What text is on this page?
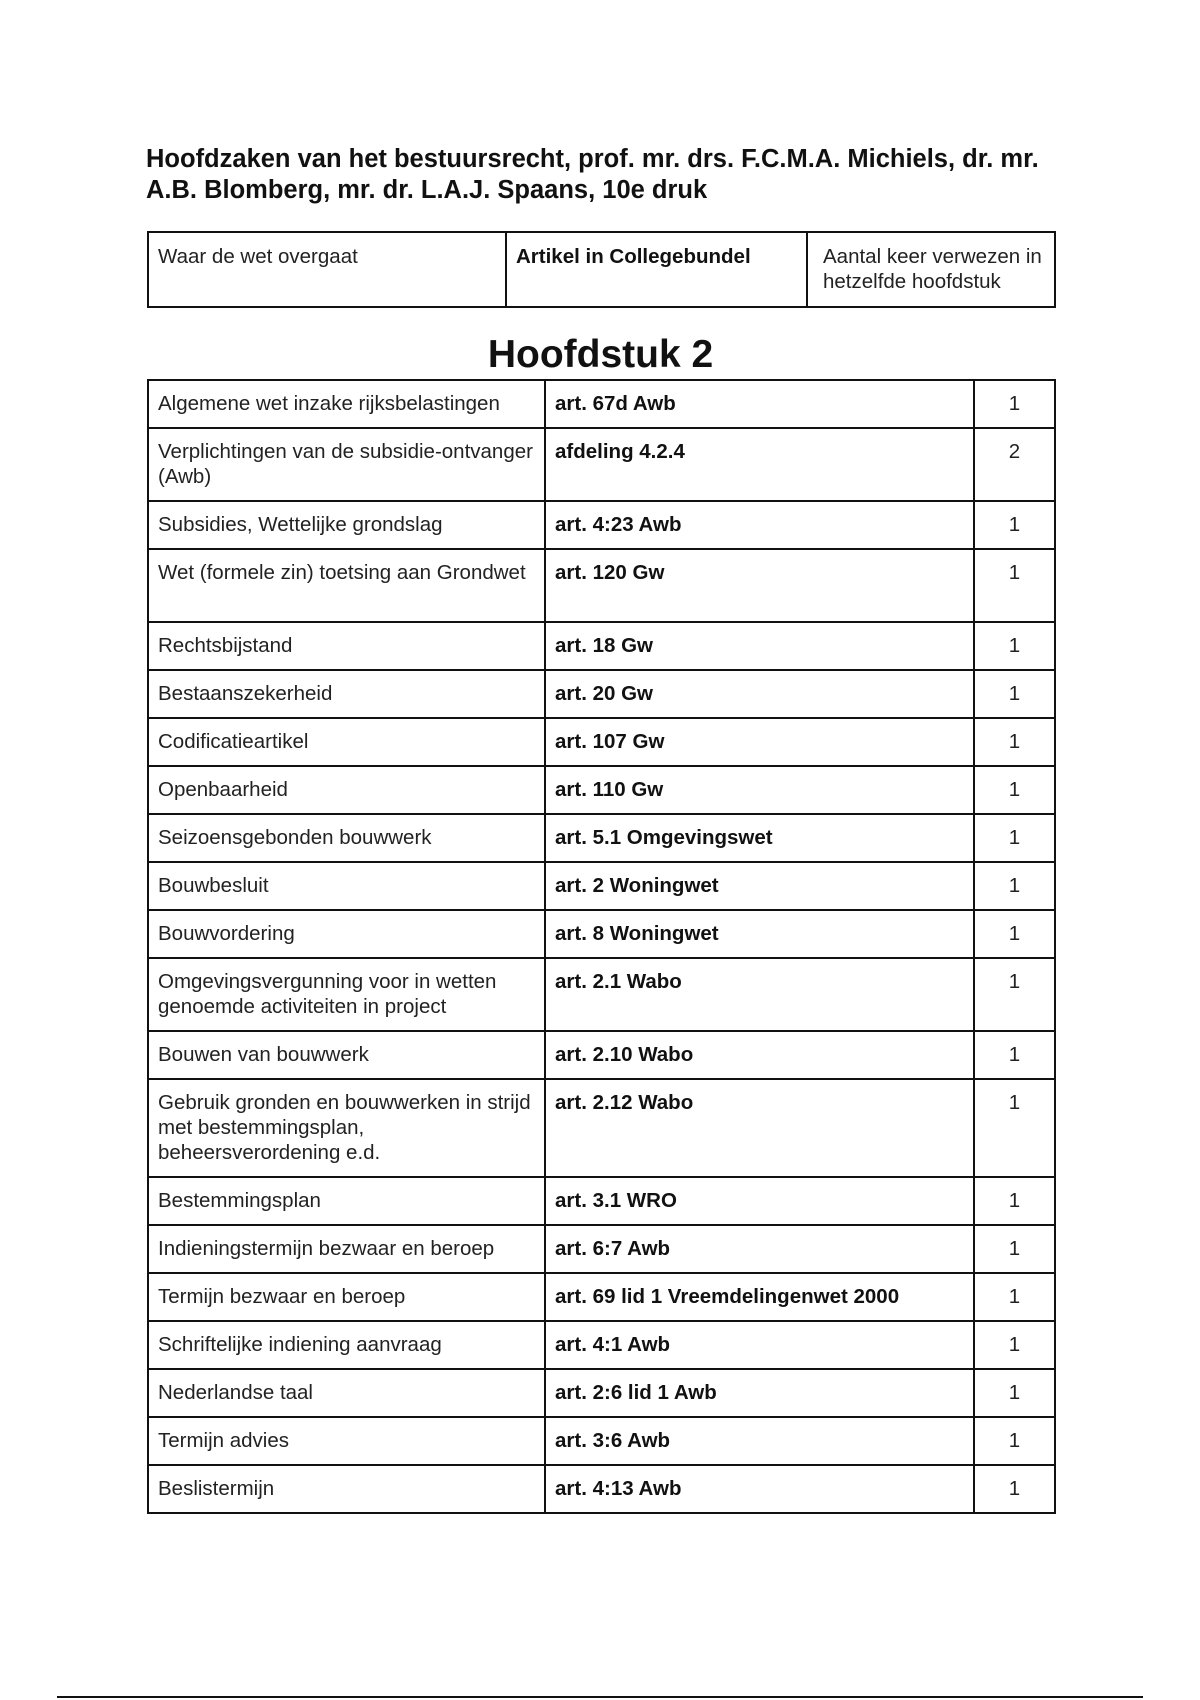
Hoofdzaken van het bestuursrecht, prof. mr. drs. F.C.M.A. Michiels, dr. mr. A.B. Blomberg, mr. dr. L.A.J. Spaans, 10e druk
Waar de wet overgaat	Artikel in Collegebundel	Aantal keer verwezen in hetzelfde hoofdstuk
Hoofdstuk 2
Algemene wet inzake rijksbelastingen	art. 67d Awb	1
Verplichtingen van de subsidie-ontvanger (Awb)	afdeling 4.2.4	2
Subsidies, Wettelijke grondslag	art. 4:23 Awb	1
Wet (formele zin) toetsing aan Grondwet	art. 120 Gw	1
Rechtsbijstand	art. 18 Gw	1
Bestaanszekerheid	art. 20 Gw	1
Codificatieartikel	art. 107 Gw	1
Openbaarheid	art. 110 Gw	1
Seizoensgebonden bouwwerk	art. 5.1 Omgevingswet	1
Bouwbesluit	art. 2 Woningwet	1
Bouwvordering	art. 8 Woningwet	1
Omgevingsvergunning voor in wetten genoemde activiteiten in project	art. 2.1 Wabo	1
Bouwen van bouwwerk	art. 2.10 Wabo	1
Gebruik gronden en bouwwerken in strijd met bestemmingsplan, beheersverordening e.d.	art. 2.12 Wabo	1
Bestemmingsplan	art. 3.1 WRO	1
Indieningstermijn bezwaar en beroep	art. 6:7 Awb	1
Termijn bezwaar en beroep	art. 69 lid 1 Vreemdelingenwet 2000	1
Schriftelijke indiening aanvraag	art. 4:1 Awb	1
Nederlandse taal	art. 2:6 lid 1 Awb	1
Termijn advies	art. 3:6 Awb	1
Beslistermijn	art. 4:13 Awb	1
